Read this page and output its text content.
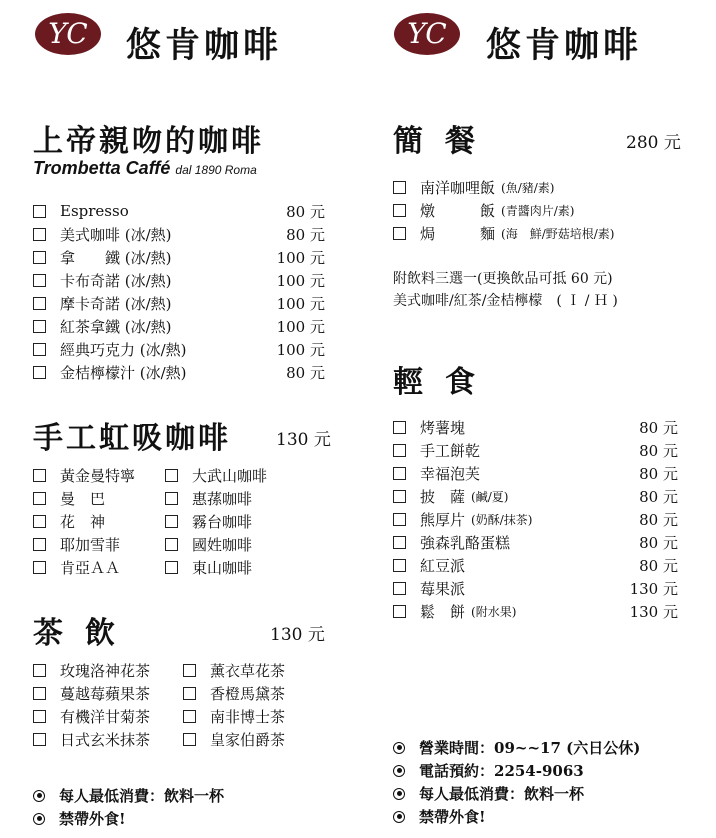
YC 悠肯咖啡	YC 悠肯咖啡
上帝親吻的咖啡
Trombetta Caffé dal 1890 Roma
Espresso	80 元
美式咖啡 (冰/熱)	80 元
拿　　鐵 (冰/熱)	100 元
卡布奇諾 (冰/熱)	100 元
摩卡奇諾 (冰/熱)	100 元
紅茶拿鐵 (冰/熱)	100 元
經典巧克力 (冰/熱)	100 元
金桔檸檬汁 (冰/熱)	80 元
手工虹吸咖啡	130 元
黃金曼特寧
曼　巴
花　神
耶加雪菲
肯亞ＡＡ
大武山咖啡
惠蓀咖啡
霧台咖啡
國姓咖啡
東山咖啡
茶飲	130 元
玫瑰洛神花茶
蔓越莓蘋果茶
有機洋甘菊茶
日式玄米抹茶
薰衣草花茶
香橙馬黛茶
南非博士茶
皇家伯爵茶
每人最低消費：飲料一杯
禁帶外食!
簡餐	280 元
南洋咖哩飯 (魚/豬/素)
燉　　　飯 (青醬肉片/素)
焗　　　麵 (海　鮮/野菇培根/素)
附飲料三選一(更換飲品可抵 60 元)
美式咖啡/紅茶/金桔檸檬　( Ｉ / Ｈ )
輕食
烤薯塊	80 元
手工餅乾	80 元
幸福泡芙	80 元
披　薩 (鹹/夏)	80 元
熊厚片 (奶酥/抹茶)	80 元
強森乳酪蛋糕	80 元
紅豆派	80 元
莓果派	130 元
鬆　餅 (附水果)	130 元
營業時間：09~~17 (六日公休)
電話預約：2254-9063
每人最低消費：飲料一杯
禁帶外食!
